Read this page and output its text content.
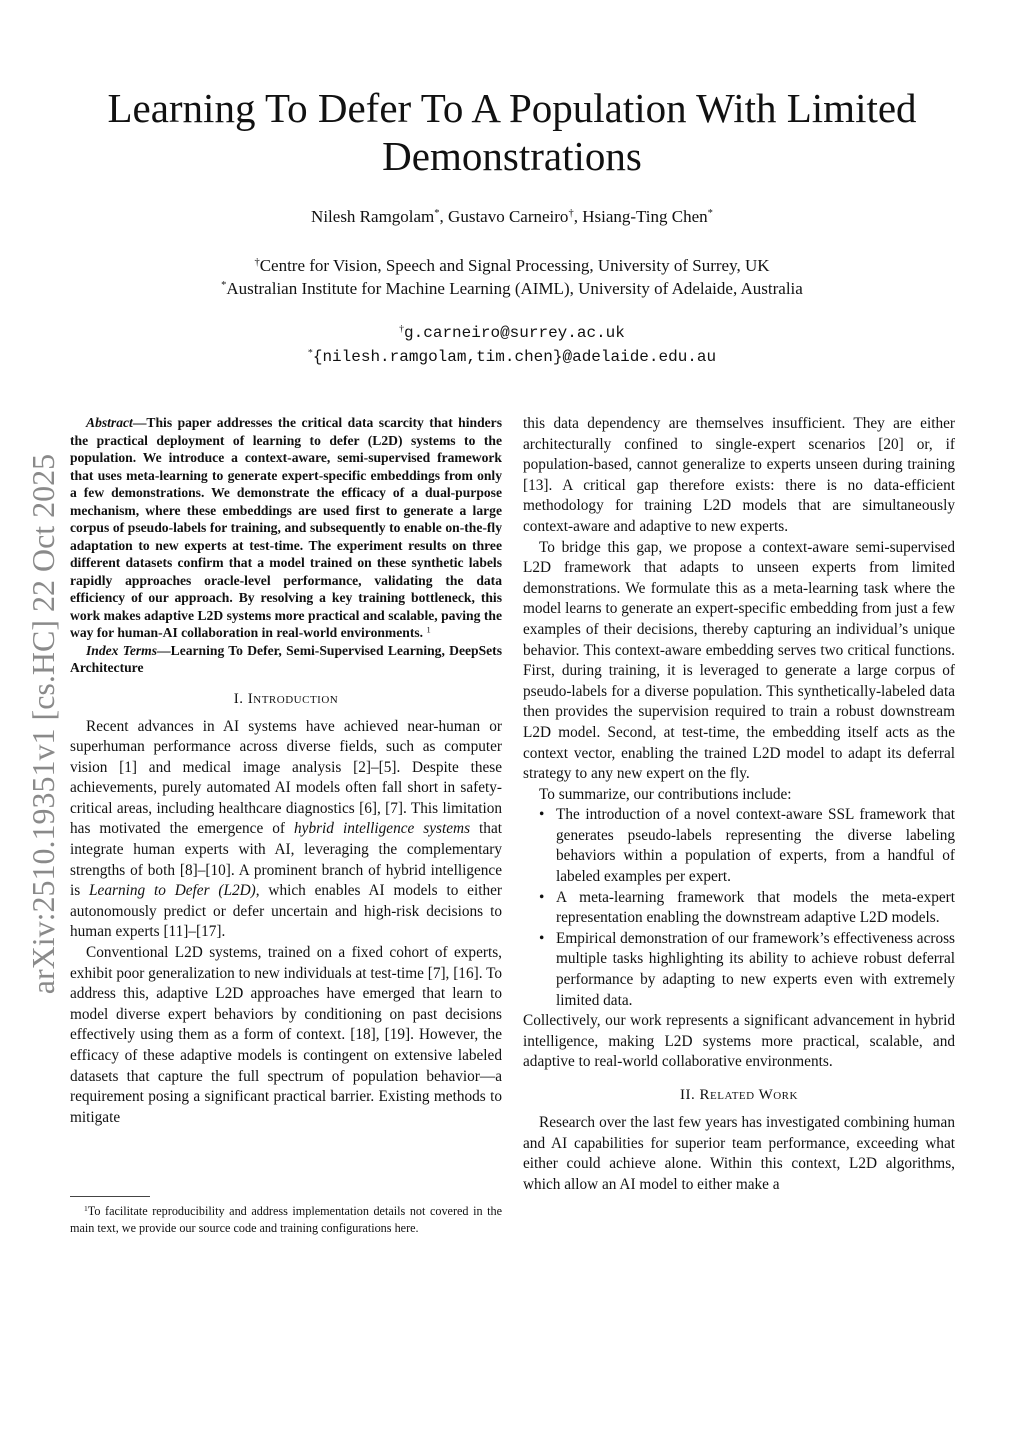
arXiv:2510.19351v1 [cs.HC] 22 Oct 2025
Learning To Defer To A Population With Limited Demonstrations
Nilesh Ramgolam*, Gustavo Carneiro†, Hsiang-Ting Chen*
†Centre for Vision, Speech and Signal Processing, University of Surrey, UK
*Australian Institute for Machine Learning (AIML), University of Adelaide, Australia
†g.carneiro@surrey.ac.uk
*{nilesh.ramgolam,tim.chen}@adelaide.edu.au

Abstract—This paper addresses the critical data scarcity that hinders the practical deployment of learning to defer (L2D) systems to the population. We introduce a context-aware, semi-supervised framework that uses meta-learning to generate expert-specific embeddings from only a few demonstrations. We demonstrate the efficacy of a dual-purpose mechanism, where these embeddings are used first to generate a large corpus of pseudo-labels for training, and subsequently to enable on-the-fly adaptation to new experts at test-time. The experiment results on three different datasets confirm that a model trained on these synthetic labels rapidly approaches oracle-level performance, validating the data efficiency of our approach. By resolving a key training bottleneck, this work makes adaptive L2D systems more practical and scalable, paving the way for human-AI collaboration in real-world environments. $^1$

Index Terms—Learning To Defer, Semi-Supervised Learning, DeepSets Architecture

I. Introduction

Recent advances in AI systems have achieved near-human or superhuman performance across diverse fields, such as computer vision [1] and medical image analysis [2]–[5]. Despite these achievements, purely automated AI models often fall short in safety-critical areas, including healthcare diagnostics [6], [7]. This limitation has motivated the emergence of hybrid intelligence systems that integrate human experts with AI, leveraging the complementary strengths of both [8]–[10]. A prominent branch of hybrid intelligence is Learning to Defer (L2D), which enables AI models to either autonomously predict or defer uncertain and high-risk decisions to human experts [11]–[17].

Conventional L2D systems, trained on a fixed cohort of experts, exhibit poor generalization to new individuals at test-time [7], [16]. To address this, adaptive L2D approaches have emerged that learn to model diverse expert behaviors by conditioning on past decisions effectively using them as a form of context. [18], [19]. However, the efficacy of these adaptive models is contingent on extensive labeled datasets that capture the full spectrum of population behavior—a requirement posing a significant practical barrier. Existing methods to mitigate

$^1$To facilitate reproducibility and address implementation details not covered in the main text, we provide our source code and training configurations here.

this data dependency are themselves insufficient. They are either architecturally confined to single-expert scenarios [20] or, if population-based, cannot generalize to experts unseen during training [13]. A critical gap therefore exists: there is no data-efficient methodology for training L2D models that are simultaneously context-aware and adaptive to new experts.

To bridge this gap, we propose a context-aware semi-supervised L2D framework that adapts to unseen experts from limited demonstrations. We formulate this as a meta-learning task where the model learns to generate an expert-specific embedding from just a few examples of their decisions, thereby capturing an individual’s unique behavior. This context-aware embedding serves two critical functions. First, during training, it is leveraged to generate a large corpus of pseudo-labels for a diverse population. This synthetically-labeled data then provides the supervision required to train a robust downstream L2D model. Second, at test-time, the embedding itself acts as the context vector, enabling the trained L2D model to adapt its deferral strategy to any new expert on the fly.

To summarize, our contributions include:

• The introduction of a novel context-aware SSL framework that generates pseudo-labels representing the diverse labeling behaviors within a population of experts, from a handful of labeled examples per expert.
• A meta-learning framework that models the meta-expert representation enabling the downstream adaptive L2D models.
• Empirical demonstration of our framework’s effectiveness across multiple tasks highlighting its ability to achieve robust deferral performance by adapting to new experts even with extremely limited data.

Collectively, our work represents a significant advancement in hybrid intelligence, making L2D systems more practical, scalable, and adaptive to real-world collaborative environments.

II. Related Work

Research over the last few years has investigated combining human and AI capabilities for superior team performance, exceeding what either could achieve alone. Within this context, L2D algorithms, which allow an AI model to either make a
